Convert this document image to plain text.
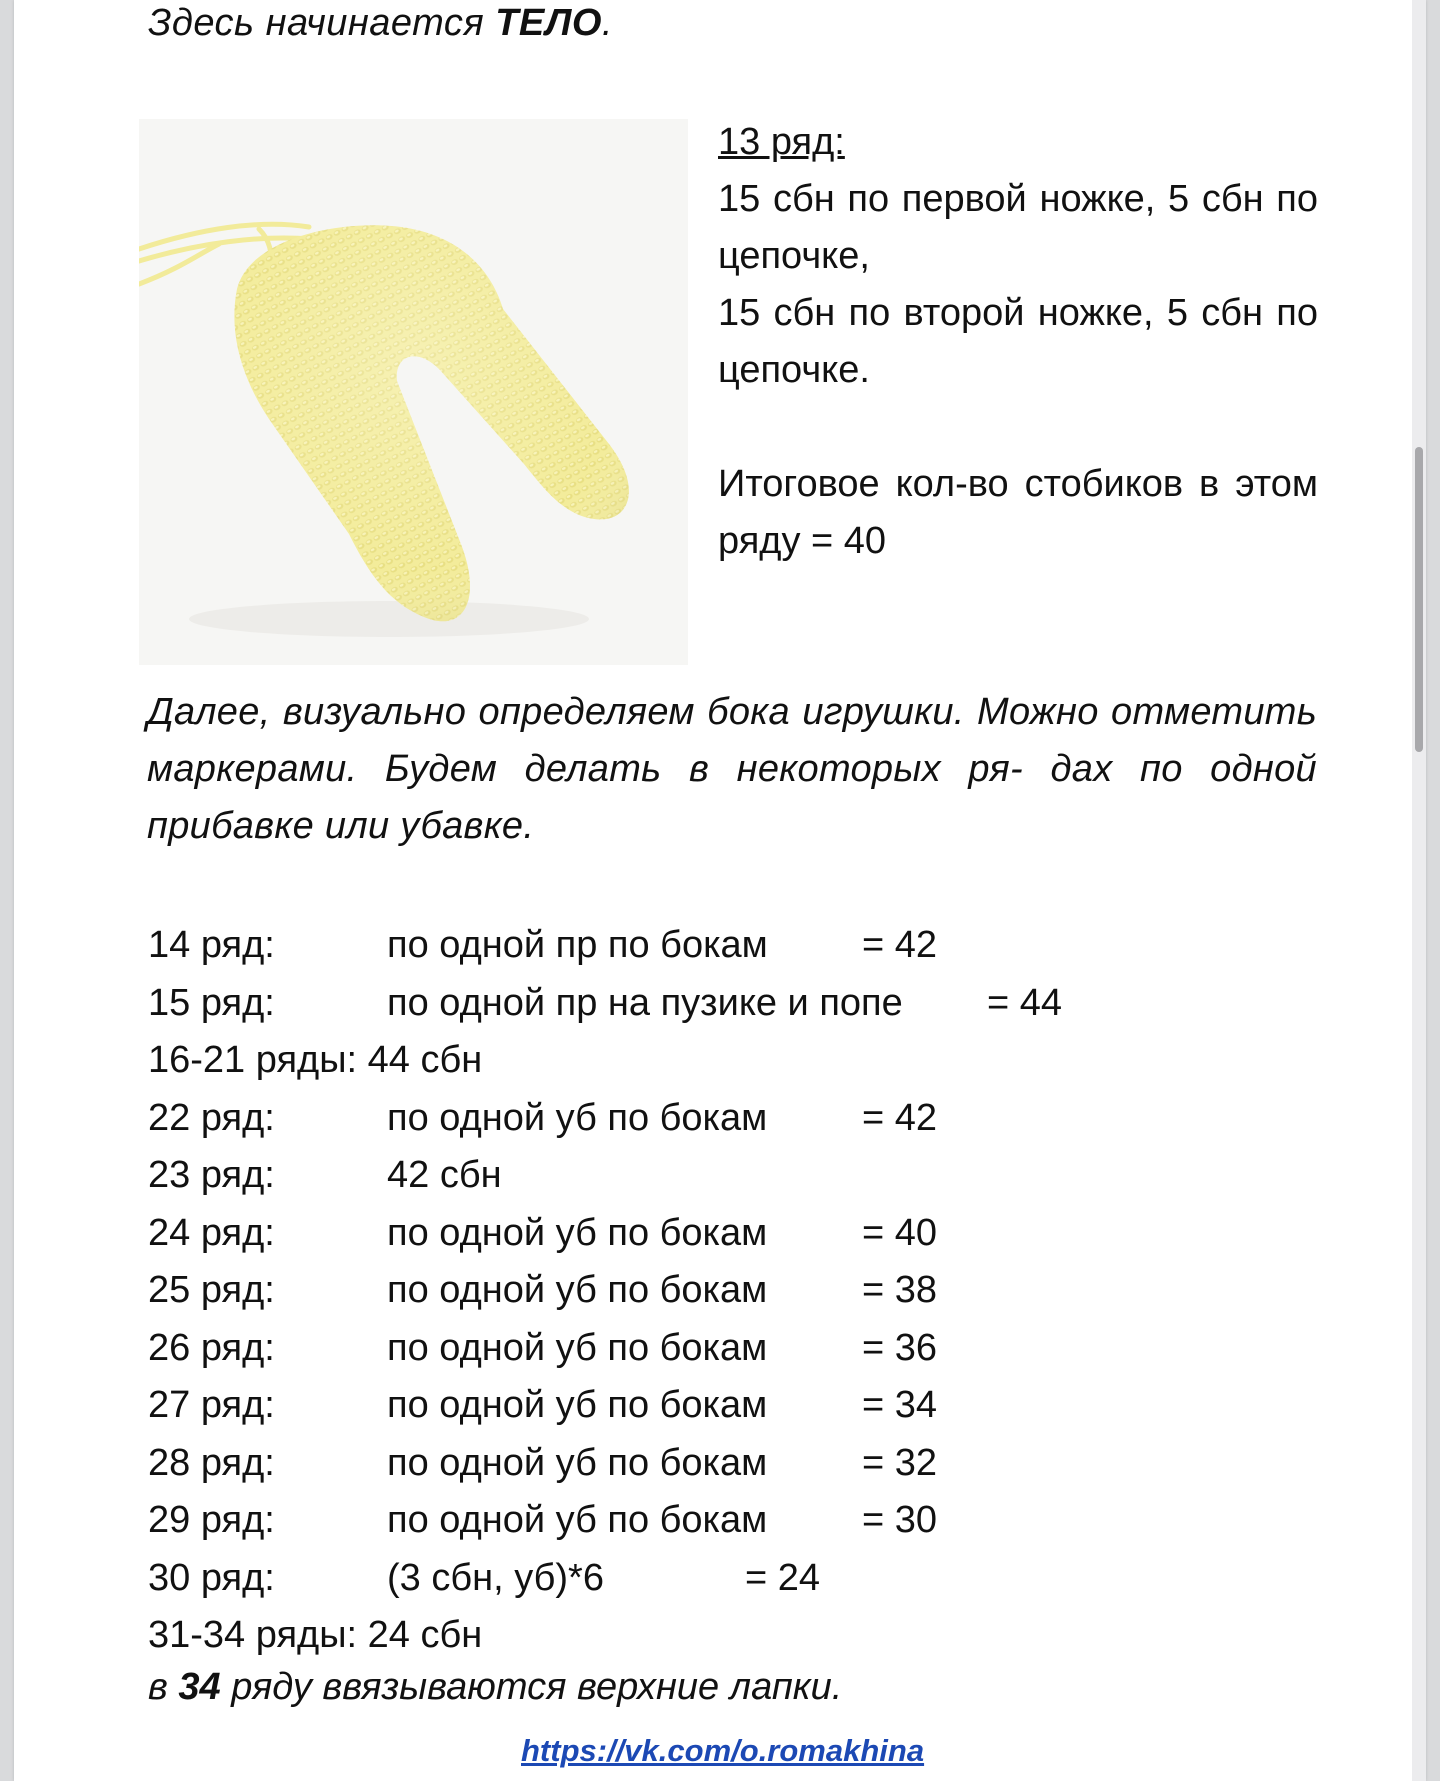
Здесь начинается ТЕЛО.

13 ряд:

15 сбн по первой ножке, 5 сбн по цепочке,

15 сбн по второй ножке, 5 сбн по цепочке.

Итоговое кол-во стобиков в этом ряду = 40

Далее, визуально определяем бока игрушки. Можно отметить маркерами. Будем делать в некоторых ря- дах по одной прибавке или убавке.

14 ряд:	по одной пр по бокам = 42
15 ряд:	по одной пр на пузике и попе = 44
16-21 ряды: 44 сбн
22 ряд:	по одной уб по бокам = 42
23 ряд:	42 сбн
24 ряд:	по одной уб по бокам = 40
25 ряд:	по одной уб по бокам = 38
26 ряд:	по одной уб по бокам = 36
27 ряд:	по одной уб по бокам = 34
28 ряд:	по одной уб по бокам = 32
29 ряд:	по одной уб по бокам = 30
30 ряд:	(3 сбн, уб)*6	= 24
31-34 ряды: 24 сбн
в 34 ряду ввязываются верхние лапки.
https://vk.com/o.romakhina
